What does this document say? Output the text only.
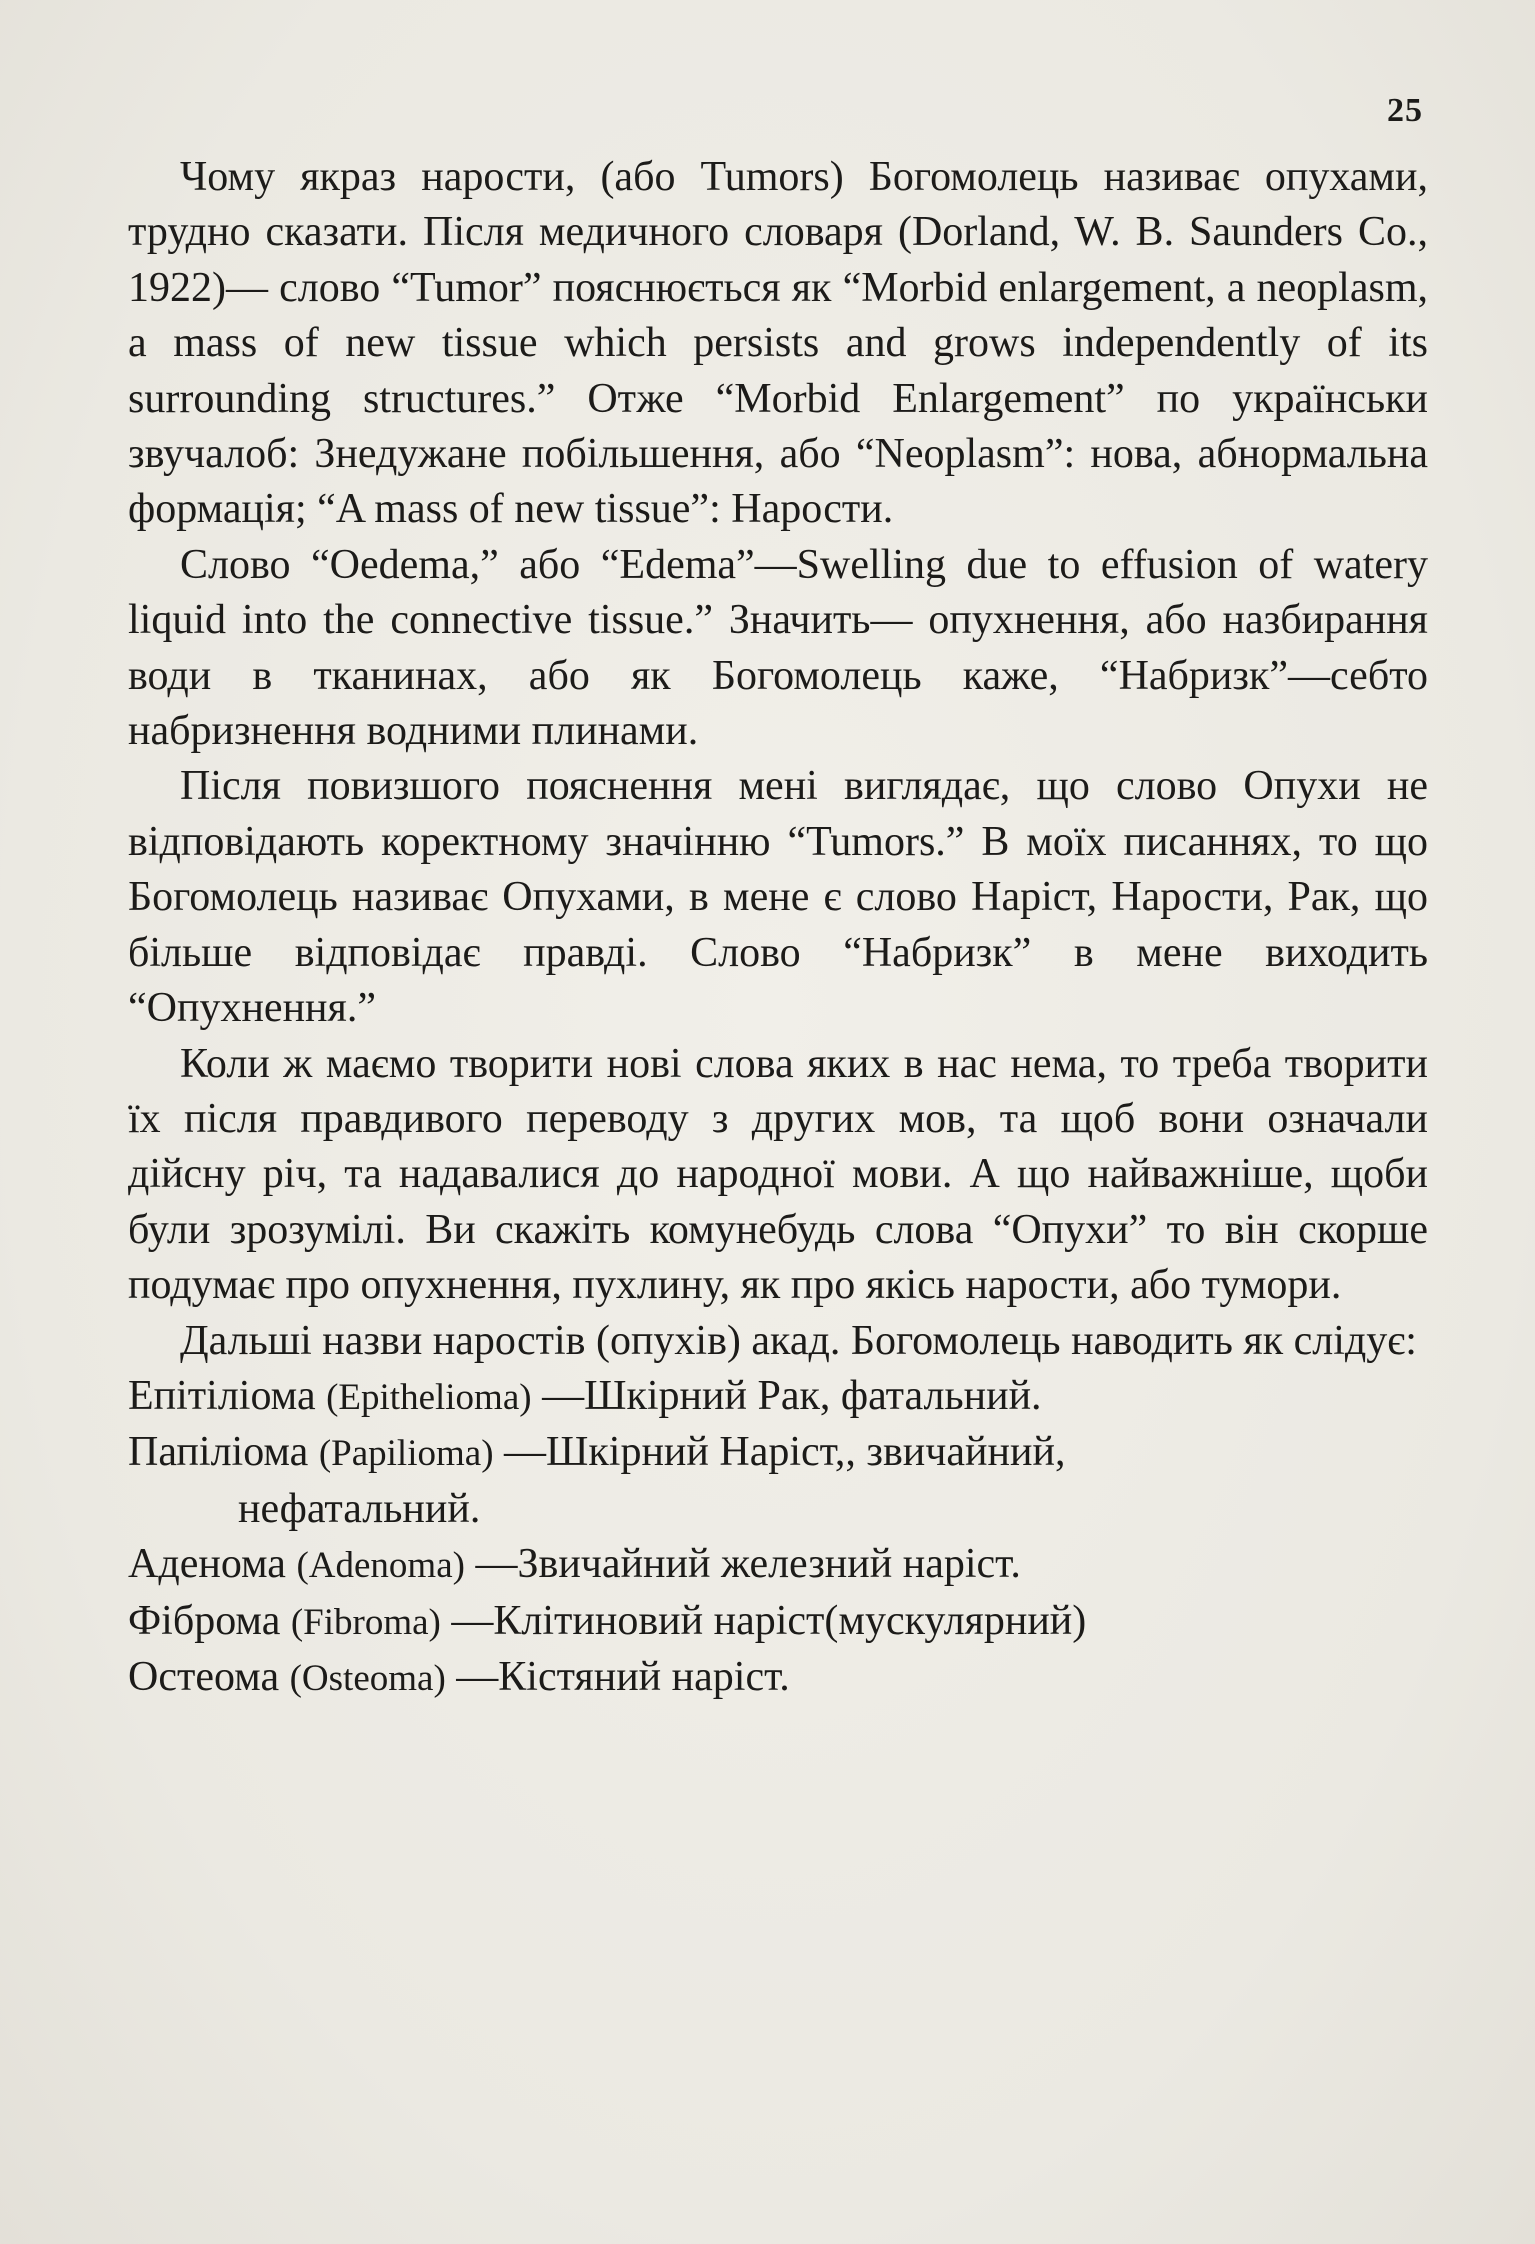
25

Чому якраз нарости, (або Tumors) Богомолець називає опухами, трудно сказати. Після медичного словаря (Dorland, W. B. Saunders Co., 1922)— слово “Tumor” пояснюється як “Morbid enlargement, a neoplasm, a mass of new tissue which persists and grows independently of its surrounding structures.” Отже “Morbid Enlargement” по українськи звучалоб: Знедужане побільшення, або “Neoplasm”: нова, абнормальна формація; “A mass of new tissue”: Нарости.

Слово “Oedema,” або “Edema”—Swelling due to effusion of watery liquid into the connective tissue.” Значить— опухнення, або назбирання води в тканинах, або як Богомолець каже, “Набризк”—себто набризнення водними плинами.

Після повизшого пояснення мені виглядає, що слово Опухи не відповідають коректному значінню “Tumors.” В моїх писаннях, то що Богомолець називає Опухами, в мене є слово Наріст, Нарости, Рак, що більше відповідає правді. Слово “Набризк” в мене виходить “Опухнення.”

Коли ж маємо творити нові слова яких в нас нема, то треба творити їх після правдивого переводу з других мов, та щоб вони означали дійсну річ, та надавалися до народної мови. А що найважніше, щоби були зрозумілі. Ви скажіть комунебудь слова “Опухи” то він скорше подумає про опухнення, пухлину, як про якісь нарости, або тумори.

Дальші назви наростів (опухів) акад. Богомолець наводить як слідує:

Епітіліома (Epithelioma) —Шкірний Рак, фатальний.
Папіліома (Papilioma) —Шкірний Наріст,, звичайний,
нефатальний.
Аденома (Adenoma) —Звичайний железний наріст.
Фіброма (Fibroma) —Клітиновий наріст(мускулярний)
Остеома (Osteoma) —Кістяний наріст.
